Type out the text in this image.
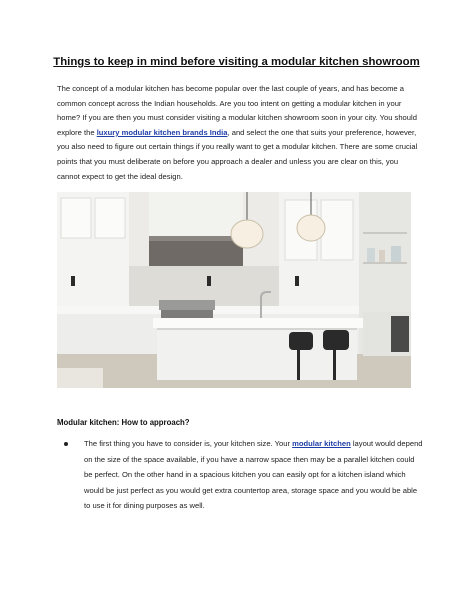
Things to keep in mind before visiting a modular kitchen showroom

The concept of a modular kitchen has become popular over the last couple of years, and has become a common concept across the Indian households. Are you too intent on getting a modular kitchen in your home? If you are then you must consider visiting a modular kitchen showroom soon in your city. You should explore the luxury modular kitchen brands India, and select the one that suits your preference, however, you also need to figure out certain things if you really want to get a modular kitchen. There are some crucial points that you must deliberate on before you approach a dealer and unless you are clear on this, you cannot expect to get the ideal design.

Modular kitchen: How to approach?

The first thing you have to consider is, your kitchen size. Your modular kitchen layout would depend on the size of the space available, if you have a narrow space then may be a parallel kitchen could be perfect. On the other hand in a spacious kitchen you can easily opt for a kitchen island which would be just perfect as you would get extra countertop area, storage space and you would be able to use it for dining purposes as well.
